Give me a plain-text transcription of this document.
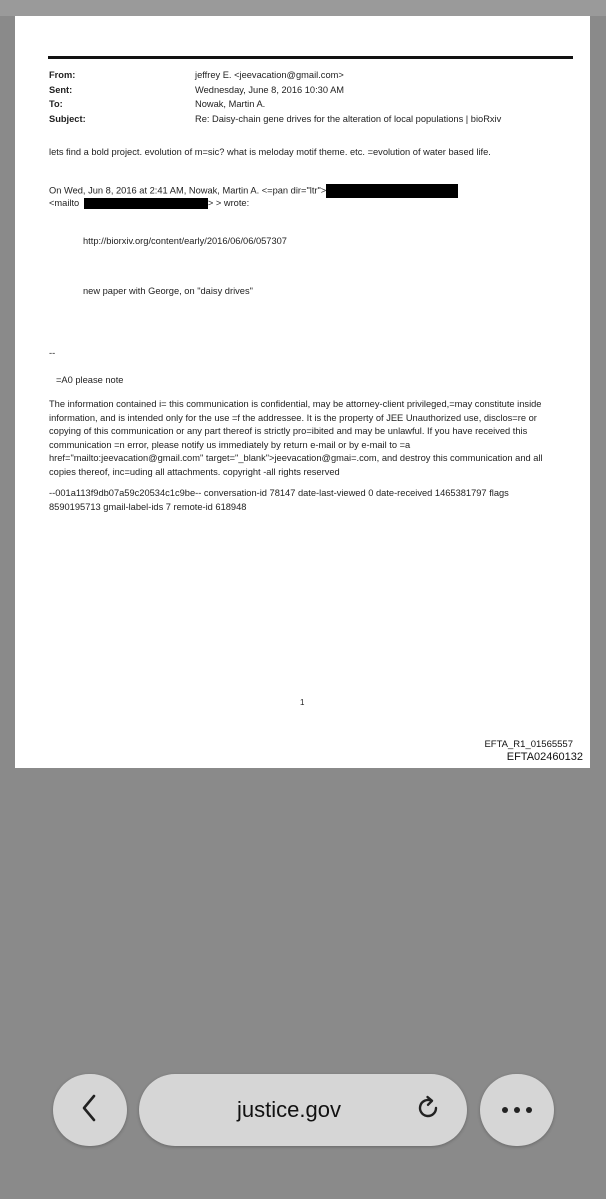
From:	jeffrey E. <jeevacation@gmail.com>
Sent:	Wednesday, June 8, 2016 10:30 AM
To:	Nowak, Martin A.
Subject:	Re: Daisy-chain gene drives for the alteration of local populations | bioRxiv
lets find a bold project. evolution of m=sic? what is meloday motif theme. etc. =evolution of water based life.
On Wed, Jun 8, 2016 at 2:41 AM, Nowak, Martin A. <=pan dir="ltr">
<mailto	> > wrote:
http://biorxiv.org/content/early/2016/06/06/057307
new paper with George, on "daisy drives"
--
=A0 please note
The information contained i= this communication is confidential, may be attorney-client privileged,=may constitute inside information, and is intended only for the use =f the addressee. It is the property of JEE Unauthorized use, disclos=re or copying of this communication or any part thereof is strictly pro=ibited and may be unlawful. If you have received this communication =n error, please notify us immediately by return e-mail or by e-mail to =a href="mailto:jeevacation@gmail.com" target="_blank">jeevacation@gmai=.com, and destroy this communication and all copies thereof, inc=uding all attachments. copyright -all rights reserved
--001a113f9db07a59c20534c1c9be-- conversation-id 78147 date-last-viewed 0 date-received 1465381797 flags 8590195713 gmail-label-ids 7 remote-id 618948
1
EFTA_R1_01565557
EFTA02460132
justice.gov
